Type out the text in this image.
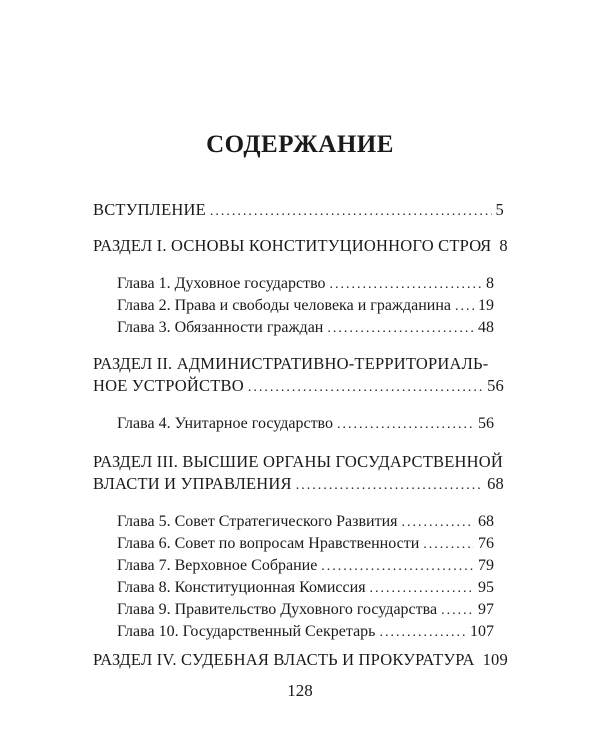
СОДЕРЖАНИЕ
ВСТУПЛЕНИЕ .....	5
РАЗДЕЛ I. ОСНОВЫ КОНСТИТУЦИОННОГО СТРОЯ 8
Глава 1. Духовное государство .....	8
Глава 2. Права и свободы человека и гражданина ..... 19
Глава 3. Обязанности граждан .....	48
РАЗДЕЛ II. АДМИНИСТРАТИВНО-ТЕРРИТОРИАЛЬ-
НОЕ УСТРОЙСТВО .....	56
Глава 4. Унитарное государство .....	56
РАЗДЕЛ III. ВЫСШИЕ ОРГАНЫ ГОСУДАРСТВЕННОЙ
ВЛАСТИ И УПРАВЛЕНИЯ .....	68
Глава 5. Совет Стратегического Развития .....	68
Глава 6. Совет по вопросам Нравственности .....	76
Глава 7. Верховное Собрание .....	79
Глава 8. Конституционная Комиссия .....	95
Глава 9. Правительство Духовного государства .....	97
Глава 10. Государственный Секретарь .....	107
РАЗДЕЛ IV. СУДЕБНАЯ ВЛАСТЬ И ПРОКУРАТУРА 109
128
